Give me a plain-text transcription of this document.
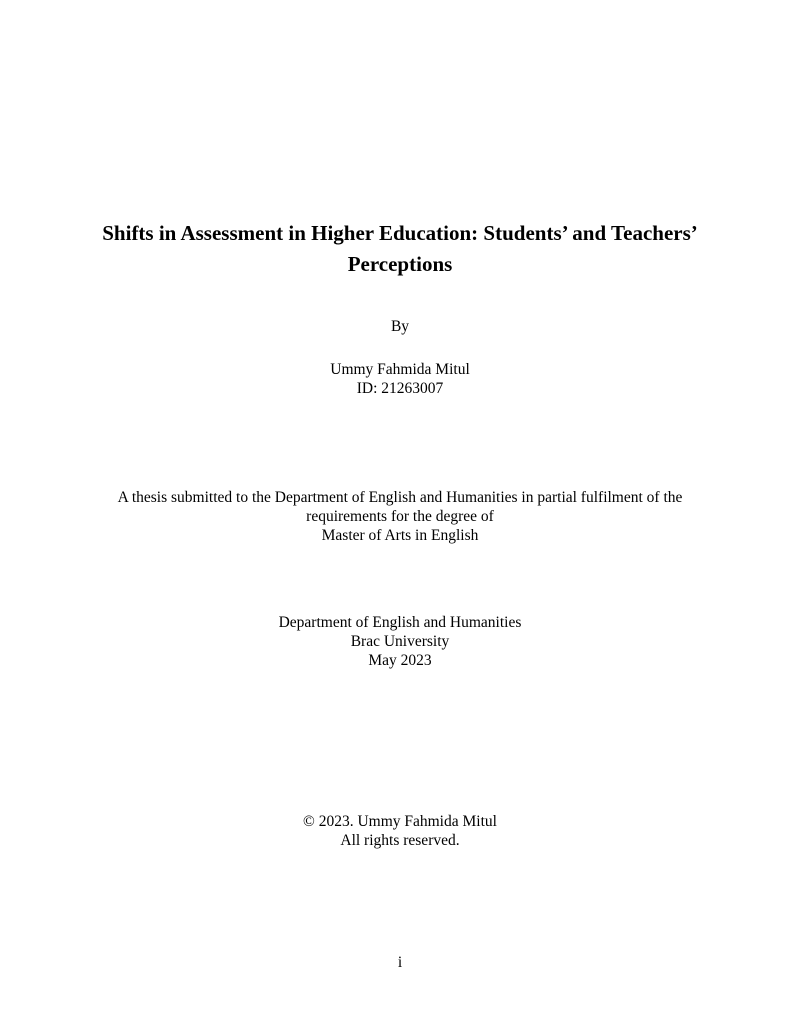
Shifts in Assessment in Higher Education: Students’ and Teachers’
Perceptions
By
Ummy Fahmida Mitul
ID: 21263007
A thesis submitted to the Department of English and Humanities in partial fulfilment of the
requirements for the degree of
Master of Arts in English
Department of English and Humanities
Brac University
May 2023
© 2023. Ummy Fahmida Mitul
All rights reserved.
i
